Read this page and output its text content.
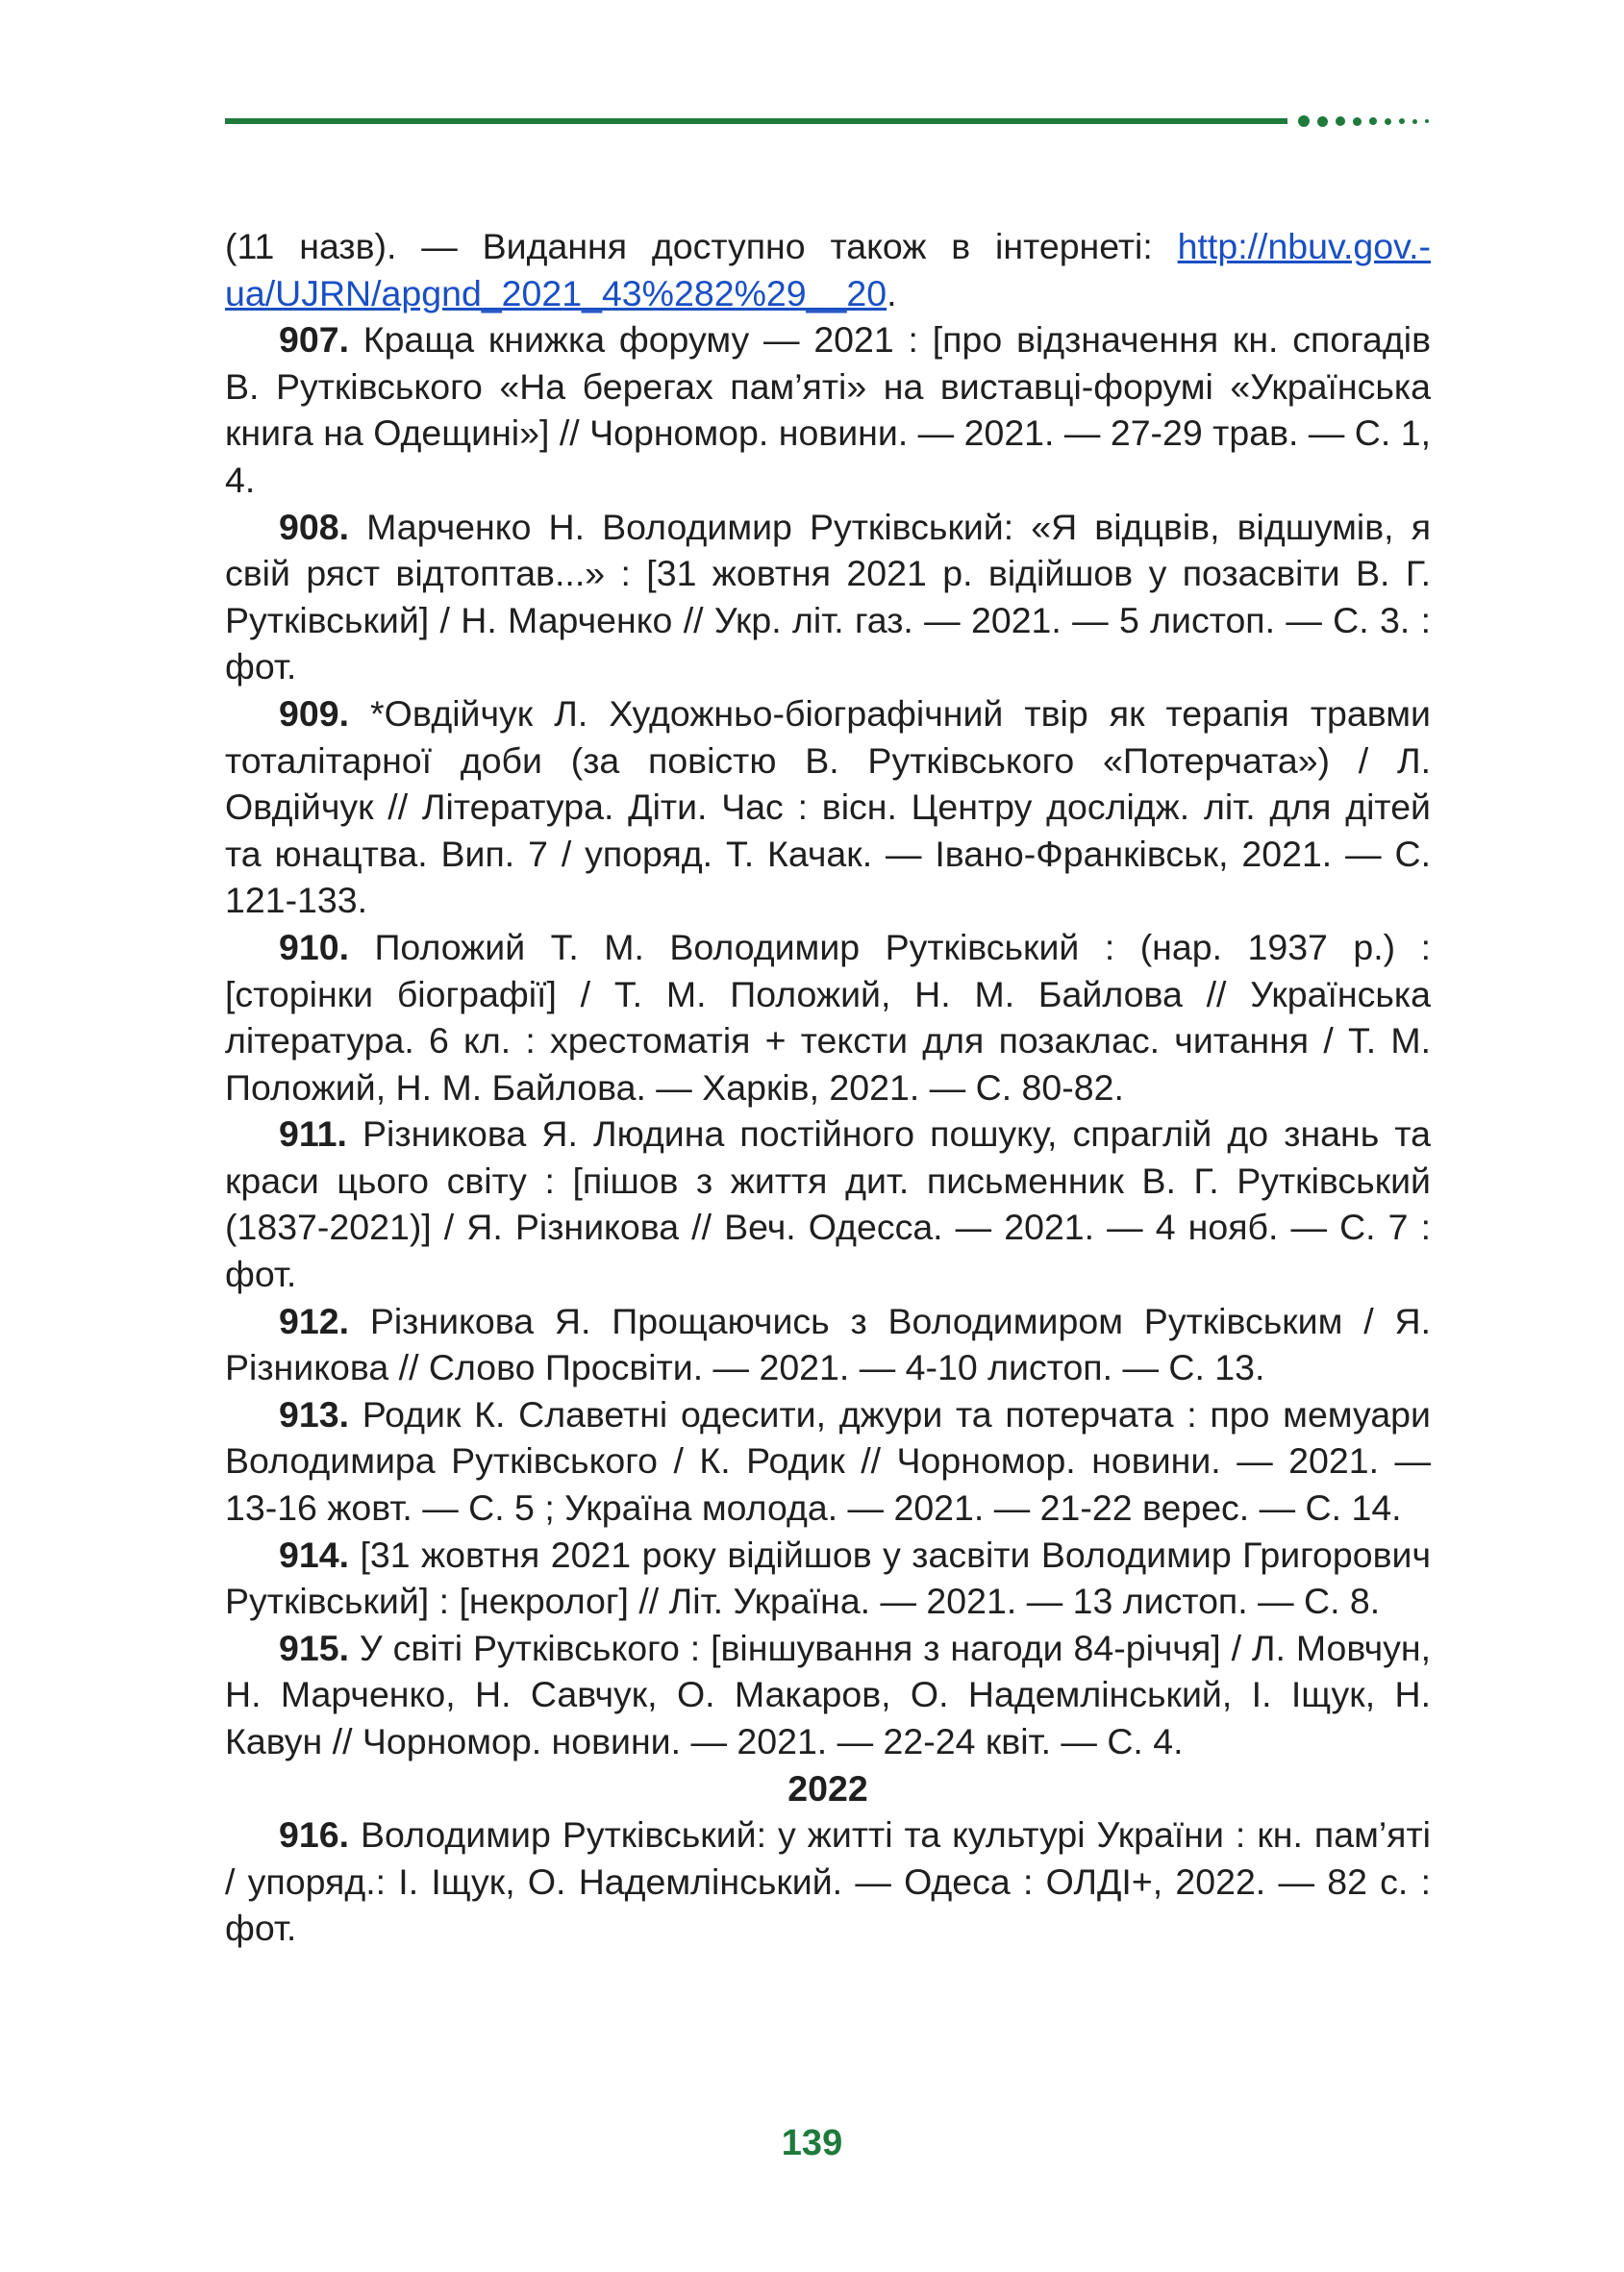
(11 назв). — Видання доступно також в інтернеті: http://nbuv.gov.ua/UJRN/apgnd_2021_43%282%29__20.

907. Краща книжка форуму — 2021 : [про відзначення кн. спогадів В. Рутківського «На берегах пам’яті» на виставці-форумі «Українська книга на Одещині»] // Чорномор. новини. — 2021. — 27-29 трав. — С. 1, 4.

908. Марченко Н. Володимир Рутківський: «Я відцвів, відшумів, я свій ряст відтоптав...» : [31 жовтня 2021 р. відійшов у позасвіти В. Г. Рутківський] / Н. Марченко // Укр. літ. газ. — 2021. — 5 листоп. — С. 3. : фот.

909. *Овдійчук Л. Художньо-біографічний твір як терапія травми тоталітарної доби (за повістю В. Рутківського «Потерчата») / Л. Овдійчук // Література. Діти. Час : вісн. Центру дослідж. літ. для дітей та юнацтва. Вип. 7 / упоряд. Т. Качак. — Івано-Франківськ, 2021. — С. 121-133.

910. Положий Т. М. Володимир Рутківський : (нар. 1937 р.) : [сторінки біографії] / Т. М. Положий, Н. М. Байлова // Українська література. 6 кл. : хрестоматія + тексти для позаклас. читання / Т. М. Положий, Н. М. Байлова. — Харків, 2021. — С. 80-82.

911. Різникова Я. Людина постійного пошуку, спраглій до знань та краси цього світу : [пішов з життя дит. письменник В. Г. Рутківський (1837-2021)] / Я. Різникова // Веч. Одесса. — 2021. — 4 нояб. — С. 7 : фот.

912. Різникова Я. Прощаючись з Володимиром Рутківським / Я. Різникова // Слово Просвіти. — 2021. — 4-10 листоп. — С. 13.

913. Родик К. Славетні одесити, джури та потерчата : про мемуари Володимира Рутківського / К. Родик // Чорномор. новини. — 2021. — 13-16 жовт. — С. 5 ; Україна молода. — 2021. — 21-22 верес. — С. 14.

914. [31 жовтня 2021 року відійшов у засвіти Володимир Григорович Рутківський] : [некролог] // Літ. Україна. — 2021. — 13 листоп. — С. 8.

915. У світі Рутківського : [віншування з нагоди 84-річчя] / Л. Мовчун, Н. Марченко, Н. Савчук, О. Макаров, О. Надемлінський, І. Іщук, Н. Кавун // Чорномор. новини. — 2021. — 22-24 квіт. — С. 4.

2022

916. Володимир Рутківський: у житті та культурі України : кн. пам’яті / упоряд.: І. Іщук, О. Надемлінський. — Одеса : ОЛДІ+, 2022. — 82 с. : фот.

139
